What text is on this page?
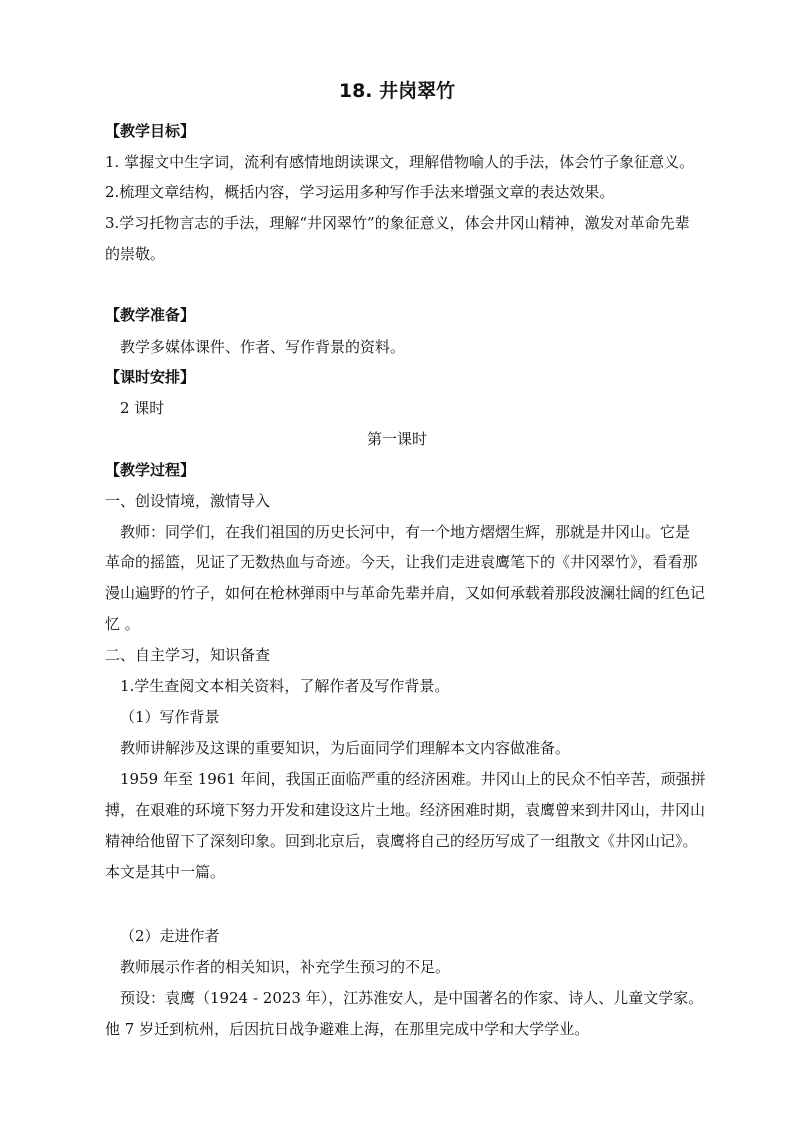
18. 井岗翠竹
【教学目标】
1. 掌握文中生字词，流利有感情地朗读课文，理解借物喻人的手法，体会竹子象征意义。
2.梳理文章结构，概括内容，学习运用多种写作手法来增强文章的表达效果。
3.学习托物言志的手法，理解“井冈翠竹”的象征意义，体会井冈山精神，激发对革命先辈
的崇敬。
【教学准备】
教学多媒体课件、作者、写作背景的资料。
【课时安排】
2 课时
第一课时
【教学过程】
一、创设情境，激情导入
教师：同学们，在我们祖国的历史长河中，有一个地方熠熠生辉，那就是井冈山。它是
革命的摇篮，见证了无数热血与奇迹。今天，让我们走进袁鹰笔下的《井冈翠竹》，看看那
漫山遍野的竹子，如何在枪林弹雨中与革命先辈并肩，又如何承载着那段波澜壮阔的红色记
忆 。
二、自主学习，知识备查
1.学生查阅文本相关资料，了解作者及写作背景。
（1）写作背景
教师讲解涉及这课的重要知识，为后面同学们理解本文内容做准备。
1959 年至 1961 年间，我国正面临严重的经济困难。井冈山上的民众不怕辛苦，顽强拼
搏，在艰难的环境下努力开发和建设这片土地。经济困难时期，袁鹰曾来到井冈山，井冈山
精神给他留下了深刻印象。回到北京后，袁鹰将自己的经历写成了一组散文《井冈山记》。
本文是其中一篇。
（2）走进作者
教师展示作者的相关知识，补充学生预习的不足。
预设：袁鹰（1924 - 2023 年），江苏淮安人，是中国著名的作家、诗人、儿童文学家。
他 7 岁迁到杭州，后因抗日战争避难上海，在那里完成中学和大学学业。
